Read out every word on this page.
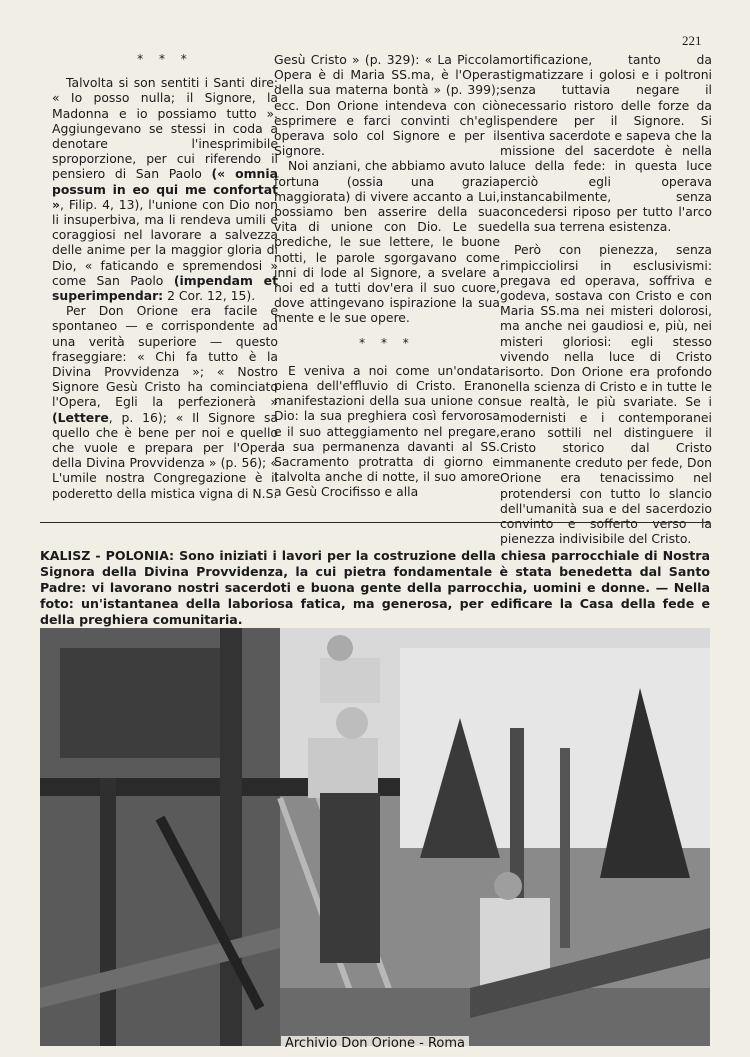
221
* * *

Talvolta si son sentiti i Santi dire: « Io posso nulla; il Signore, la Madonna e io possiamo tutto ». Aggiungevano se stessi in coda a denotare l'inesprimibile sproporzione, per cui riferendo il pensiero di San Paolo (« omnia possum in eo qui me confortat », Filip. 4, 13), l'unione con Dio non li insuperbiva, ma li rendeva umili e coraggiosi nel lavorare a salvezza delle anime per la maggior gloria di Dio, « faticando e spremendosi » come San Paolo (impendam et superimpendar: 2 Cor. 12, 15).

Per Don Orione era facile e spontaneo — e corrispondente ad una verità superiore — questo fraseggiare: « Chi fa tutto è la Divina Provvidenza »; « Nostro Signore Gesù Cristo ha cominciato l'Opera, Egli la perfezionerà » (Lettere, p. 16); « Il Signore sa quello che è bene per noi e quello che vuole e prepara per l'Opera della Divina Provvidenza » (p. 56); « L'umile nostra Congregazione è il poderetto della mistica vigna di N.S.

Gesù Cristo » (p. 329): « La Piccola Opera è di Maria SS.ma, è l'Opera della sua materna bontà » (p. 399); ecc. Don Orione intendeva con ciò esprimere e farci convinti ch'egli operava solo col Signore e per il Signore.

Noi anziani, che abbiamo avuto la fortuna (ossia una grazia maggiorata) di vivere accanto a Lui, possiamo ben asserire della sua vita di unione con Dio. Le sue prediche, le sue lettere, le buone notti, le parole sgorgavano come inni di lode al Signore, a svelare a noi ed a tutti dov'era il suo cuore, dove attingevano ispirazione la sua mente e le sue opere.

* * *

E veniva a noi come un'ondata piena dell'effluvio di Cristo. Erano manifestazioni della sua unione con Dio: la sua preghiera così fervorosa e il suo atteggiamento nel pregare, la sua permanenza davanti al SS. Sacramento protratta di giorno e talvolta anche di notte, il suo amore a Gesù Crocifisso e alla

mortificazione, tanto da stigmatizzare i golosi e i poltroni senza tuttavia negare il necessario ristoro delle forze da spendere per il Signore. Si sentiva sacerdote e sapeva che la missione del sacerdote è nella luce della fede: in questa luce perciò egli operava instancabilmente, senza concedersi riposo per tutto l'arco della sua terrena esistenza.

Però con pienezza, senza rimpicciolirsi in esclusivismi: pregava ed operava, soffriva e godeva, sostava con Cristo e con Maria SS.ma nei misteri dolorosi, ma anche nei gaudiosi e, più, nei misteri gloriosi: egli stesso vivendo nella luce di Cristo risorto. Don Orione era profondo nella scienza di Cristo e in tutte le sue realtà, le più svariate. Se i modernisti e i contemporanei erano sottili nel distinguere il Cristo storico dal Cristo immanente creduto per fede, Don Orione era tenacissimo nel protendersi con tutto lo slancio dell'umanità sua e del sacerdozio convinto e sofferto verso la pienezza indivisibile del Cristo.

KALISZ - POLONIA: Sono iniziati i lavori per la costruzione della chiesa parrocchiale di Nostra Signora della Divina Provvidenza, la cui pietra fondamentale è stata benedetta dal Santo Padre: vi lavorano nostri sacerdoti e buona gente della parrocchia, uomini e donne. — Nella foto: un'istantanea della laboriosa fatica, ma generosa, per edificare la Casa della fede e della preghiera comunitaria.
Archivio Don Orione - Roma
